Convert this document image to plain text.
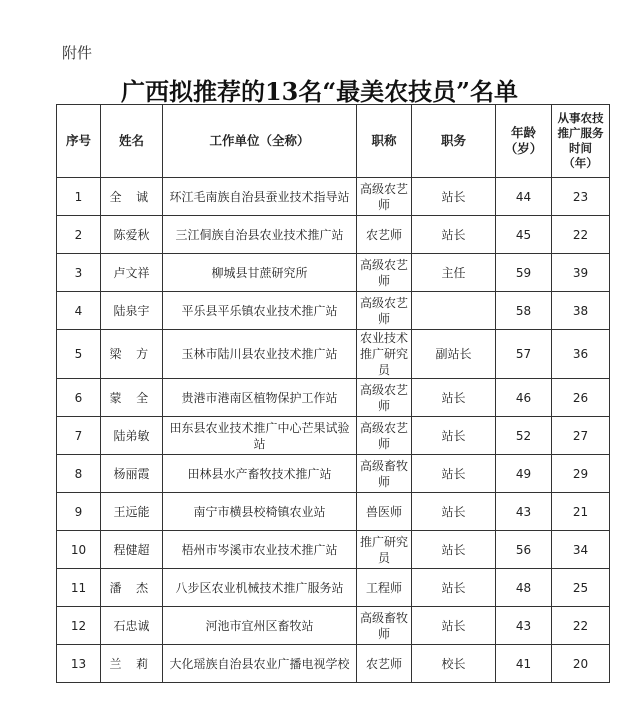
附件
广西拟推荐的13名“最美农技员”名单
序号	姓名	工作单位（全称）	职称	职务	年龄（岁）	从事农技推广服务时间（年）
1	全 诚	环江毛南族自治县蚕业技术指导站	高级农艺师	站长	44	23
2	陈爱秋	三江侗族自治县农业技术推广站	农艺师	站长	45	22
3	卢文祥	柳城县甘蔗研究所	高级农艺师	主任	59	39
4	陆泉宇	平乐县平乐镇农业技术推广站	高级农艺师		58	38
5	梁 方	玉林市陆川县农业技术推广站	农业技术推广研究员	副站长	57	36
6	蒙 全	贵港市港南区植物保护工作站	高级农艺师	站长	46	26
7	陆弟敏	田东县农业技术推广中心芒果试验站	高级农艺师	站长	52	27
8	杨丽霞	田林县水产畜牧技术推广站	高级畜牧师	站长	49	29
9	王远能	南宁市横县校椅镇农业站	兽医师	站长	43	21
10	程健超	梧州市岑溪市农业技术推广站	推广研究员	站长	56	34
11	潘 杰	八步区农业机械技术推广服务站	工程师	站长	48	25
12	石忠诚	河池市宜州区畜牧站	高级畜牧师	站长	43	22
13	兰 莉	大化瑶族自治县农业广播电视学校	农艺师	校长	41	20
